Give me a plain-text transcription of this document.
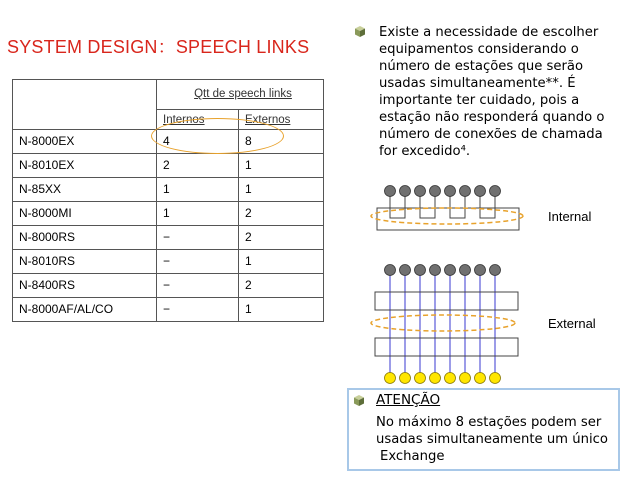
SYSTEM DESIGN：SPEECH LINKS

	Qtt de speech links	

	Internos	Externos
N-8000EX	4	8
N-8010EX	2	1
N-85XX	1	1
N-8000MI	1	2
N-8000RS	−	2
N-8010RS	−	1
N-8400RS	−	2
N-8000AF/AL/CO	−	1
Existe a necessidade de escolher equipamentos considerando o número de estações que serão usadas simultaneamente**. É importante ter cuidado, pois a estação não responderá quando o número de conexões de chamada for excedido⁴.
Internal
External
ATENÇÃO
No máximo 8 estações podem ser usadas simultaneamente um único
Exchange
